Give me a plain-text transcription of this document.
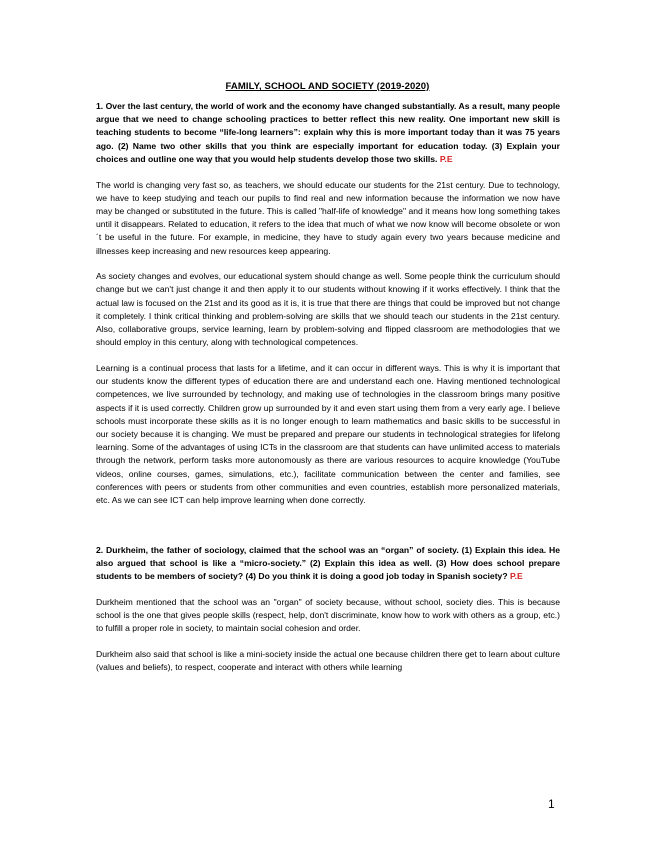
FAMILY, SCHOOL AND SOCIETY (2019-2020)

1. Over the last century, the world of work and the economy have changed substantially. As a result, many people argue that we need to change schooling practices to better reflect this new reality. One important new skill is teaching students to become “life-long learners”: explain why this is more important today than it was 75 years ago. (2) Name two other skills that you think are especially important for education today. (3) Explain your choices and outline one way that you would help students develop those two skills. P.E

The world is changing very fast so, as teachers, we should educate our students for the 21st century. Due to technology, we have to keep studying and teach our pupils to find real and new information because the information we now have may be changed or substituted in the future. This is called "half-life of knowledge" and it means how long something takes until it disappears. Related to education, it refers to the idea that much of what we now know will become obsolete or won´t be useful in the future. For example, in medicine, they have to study again every two years because medicine and illnesses keep increasing and new resources keep appearing.

As society changes and evolves, our educational system should change as well. Some people think the curriculum should change but we can't just change it and then apply it to our students without knowing if it works effectively. I think that the actual law is focused on the 21st and its good as it is, it is true that there are things that could be improved but not change it completely. I think critical thinking and problem-solving are skills that we should teach our students in the 21st century. Also, collaborative groups, service learning, learn by problem-solving and flipped classroom are methodologies that we should employ in this century, along with technological competences.

Learning is a continual process that lasts for a lifetime, and it can occur in different ways. This is why it is important that our students know the different types of education there are and understand each one. Having mentioned technological competences, we live surrounded by technology, and making use of technologies in the classroom brings many positive aspects if it is used correctly. Children grow up surrounded by it and even start using them from a very early age. I believe schools must incorporate these skills as it is no longer enough to learn mathematics and basic skills to be successful in our society because it is changing. We must be prepared and prepare our students in technological strategies for lifelong learning. Some of the advantages of using ICTs in the classroom are that students can have unlimited access to materials through the network, perform tasks more autonomously as there are various resources to acquire knowledge (YouTube videos, online courses, games, simulations, etc.), facilitate communication between the center and families, see conferences with peers or students from other communities and even countries, establish more personalized materials, etc. As we can see ICT can help improve learning when done correctly.

2. Durkheim, the father of sociology, claimed that the school was an “organ” of society. (1) Explain this idea. He also argued that school is like a “micro-society.” (2) Explain this idea as well. (3) How does school prepare students to be members of society? (4) Do you think it is doing a good job today in Spanish society? P.E

Durkheim mentioned that the school was an "organ" of society because, without school, society dies. This is because school is the one that gives people skills (respect, help, don't discriminate, know how to work with others as a group, etc.) to fulfill a proper role in society, to maintain social cohesion and order.

Durkheim also said that school is like a mini-society inside the actual one because children there get to learn about culture (values and beliefs), to respect, cooperate and interact with others while learning

1
